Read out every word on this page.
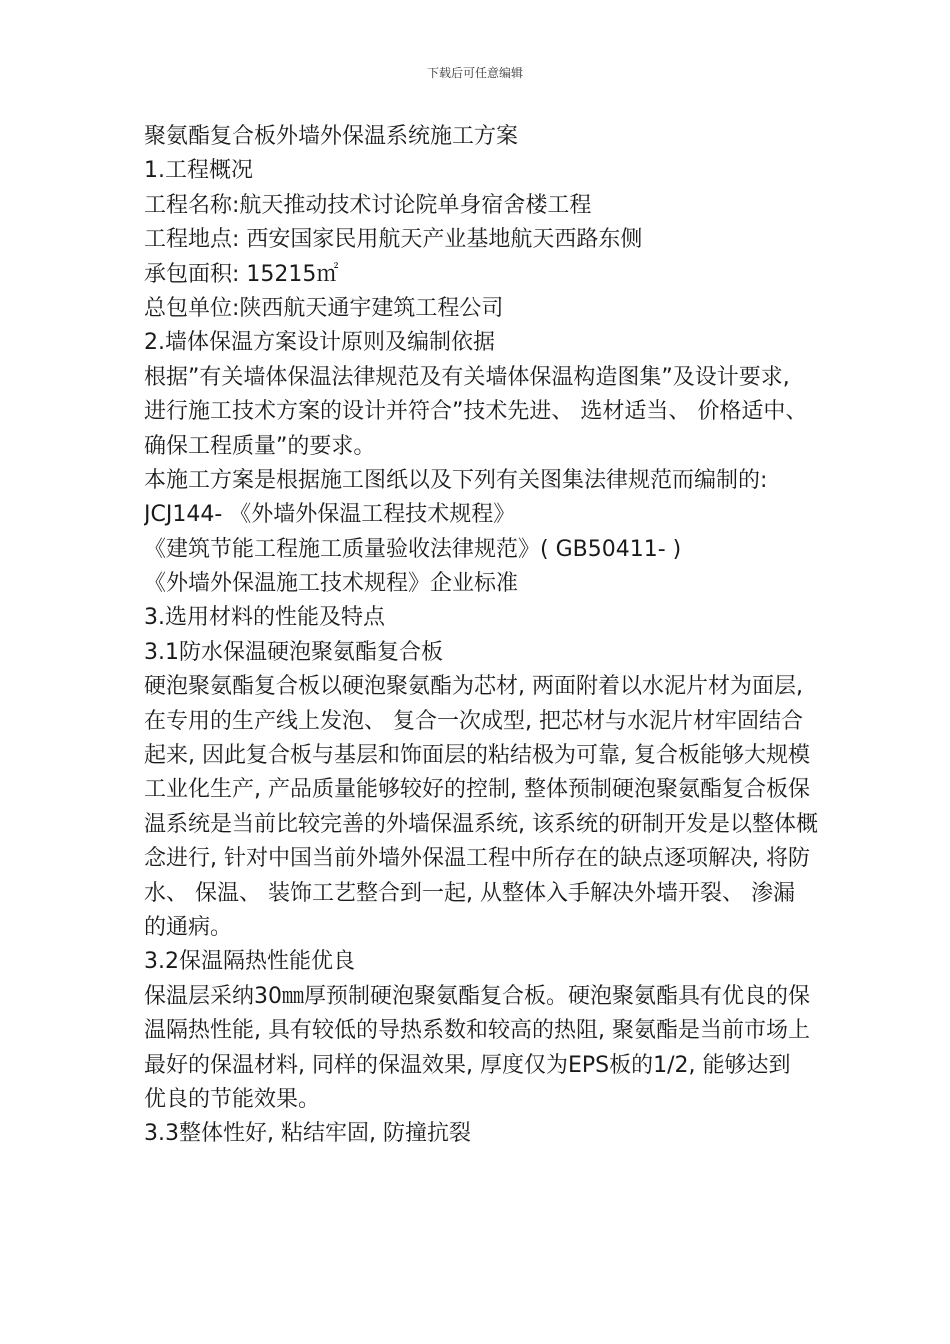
下载后可任意编辑
聚氨酯复合板外墙外保温系统施工方案
1.工程概况
工程名称:航天推动技术讨论院单身宿舍楼工程
工程地点: 西安国家民用航天产业基地航天西路东侧
承包面积: 15215㎡
总包单位:陕西航天通宇建筑工程公司
2.墙体保温方案设计原则及编制依据
根据”有关墙体保温法律规范及有关墙体保温构造图集”及设计要求,
进行施工技术方案的设计并符合”技术先进、 选材适当、 价格适中、
确保工程质量”的要求。
本施工方案是根据施工图纸以及下列有关图集法律规范而编制的:
JCJ144- 《外墙外保温工程技术规程》
《建筑节能工程施工质量验收法律规范》( GB50411- )
《外墙外保温施工技术规程》企业标准
3.选用材料的性能及特点
3.1防水保温硬泡聚氨酯复合板
硬泡聚氨酯复合板以硬泡聚氨酯为芯材, 两面附着以水泥片材为面层,
在专用的生产线上发泡、 复合一次成型, 把芯材与水泥片材牢固结合
起来, 因此复合板与基层和饰面层的粘结极为可靠, 复合板能够大规模
工业化生产, 产品质量能够较好的控制, 整体预制硬泡聚氨酯复合板保
温系统是当前比较完善的外墙保温系统, 该系统的研制开发是以整体概
念进行, 针对中国当前外墙外保温工程中所存在的缺点逐项解决, 将防
水、 保温、 装饰工艺整合到一起, 从整体入手解决外墙开裂、 渗漏
的通病。
3.2保温隔热性能优良
保温层采纳30㎜厚预制硬泡聚氨酯复合板。硬泡聚氨酯具有优良的保
温隔热性能, 具有较低的导热系数和较高的热阻, 聚氨酯是当前市场上
最好的保温材料, 同样的保温效果, 厚度仅为EPS板的1/2, 能够达到
优良的节能效果。
3.3整体性好, 粘结牢固, 防撞抗裂
